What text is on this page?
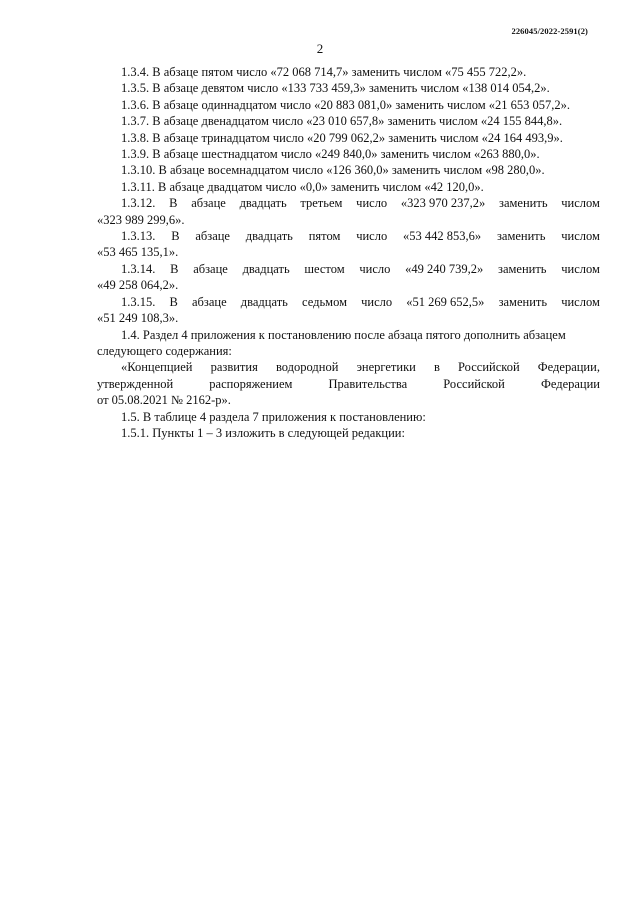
226045/2022-2591(2)
2

1.3.4. В абзаце пятом число «72 068 714,7» заменить числом «75 455 722,2».

1.3.5. В абзаце девятом число «133 733 459,3» заменить числом «138 014 054,2».

1.3.6. В абзаце одиннадцатом число «20 883 081,0» заменить числом «21 653 057,2».

1.3.7. В абзаце двенадцатом число «23 010 657,8» заменить числом «24 155 844,8».

1.3.8. В абзаце тринадцатом число «20 799 062,2» заменить числом «24 164 493,9».

1.3.9. В абзаце шестнадцатом число «249 840,0» заменить числом «263 880,0».

1.3.10. В абзаце восемнадцатом число «126 360,0» заменить числом «98 280,0».

1.3.11. В абзаце двадцатом число «0,0» заменить числом «42 120,0».

1.3.12. В абзаце двадцать третьем число «323 970 237,2» заменить числом
«323 989 299,6».
1.3.13. В абзаце двадцать пятом число «53 442 853,6» заменить числом
«53 465 135,1».
1.3.14. В абзаце двадцать шестом число «49 240 739,2» заменить числом
«49 258 064,2».
1.3.15. В абзаце двадцать седьмом число «51 269 652,5» заменить числом
«51 249 108,3».
1.4. Раздел 4 приложения к постановлению после абзаца пятого дополнить абзацем
следующего содержания:
«Концепцией развития водородной энергетики в Российской Федерации,
утвержденной	распоряжением	Правительства	Российской	Федерации
от 05.08.2021 № 2162-р».

1.5. В таблице 4 раздела 7 приложения к постановлению:

1.5.1. Пункты 1 – 3 изложить в следующей редакции:
